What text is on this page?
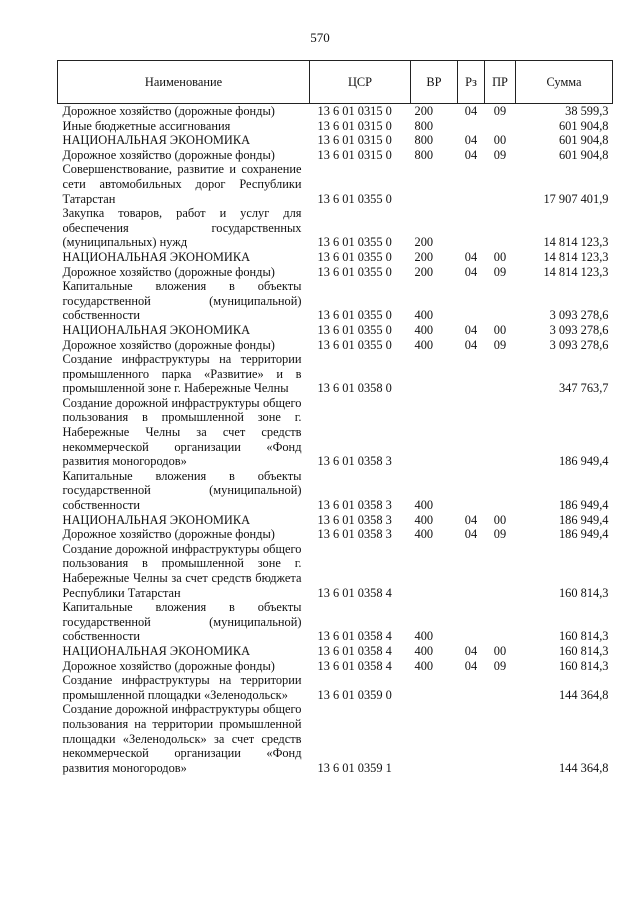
570
Наименование	ЦСР	ВР	Рз	ПР	Сумма
Дорожное хозяйство (дорожные фонды)	13 6 01 0315 0	200	04	09	38 599,3
Иные бюджетные ассигнования	13 6 01 0315 0	800			601 904,8
НАЦИОНАЛЬНАЯ ЭКОНОМИКА	13 6 01 0315 0	800	04	00	601 904,8
Дорожное хозяйство (дорожные фонды)	13 6 01 0315 0	800	04	09	601 904,8
Совершенствование, развитие и сохранение сети автомобильных дорог Республики Татарстан	13 6 01 0355 0				17 907 401,9
Закупка товаров, работ и услуг для обеспечения государственных (муниципальных) нужд	13 6 01 0355 0	200			14 814 123,3
НАЦИОНАЛЬНАЯ ЭКОНОМИКА	13 6 01 0355 0	200	04	00	14 814 123,3
Дорожное хозяйство (дорожные фонды)	13 6 01 0355 0	200	04	09	14 814 123,3
Капитальные вложения в объекты государственной (муниципальной) собственности	13 6 01 0355 0	400			3 093 278,6
НАЦИОНАЛЬНАЯ ЭКОНОМИКА	13 6 01 0355 0	400	04	00	3 093 278,6
Дорожное хозяйство (дорожные фонды)	13 6 01 0355 0	400	04	09	3 093 278,6
Создание инфраструктуры на территории промышленного парка «Развитие» и в промышленной зоне г. Набережные Челны	13 6 01 0358 0				347 763,7
Создание дорожной инфраструктуры общего пользования в промышленной зоне г. Набережные Челны за счет средств некоммерческой организации «Фонд развития моногородов»	13 6 01 0358 3				186 949,4
Капитальные вложения в объекты государственной (муниципальной) собственности	13 6 01 0358 3	400			186 949,4
НАЦИОНАЛЬНАЯ ЭКОНОМИКА	13 6 01 0358 3	400	04	00	186 949,4
Дорожное хозяйство (дорожные фонды)	13 6 01 0358 3	400	04	09	186 949,4
Создание дорожной инфраструктуры общего пользования в промышленной зоне г. Набережные Челны за счет средств бюджета Республики Татарстан	13 6 01 0358 4				160 814,3
Капитальные вложения в объекты государственной (муниципальной) собственности	13 6 01 0358 4	400			160 814,3
НАЦИОНАЛЬНАЯ ЭКОНОМИКА	13 6 01 0358 4	400	04	00	160 814,3
Дорожное хозяйство (дорожные фонды)	13 6 01 0358 4	400	04	09	160 814,3
Создание инфраструктуры на территории промышленной площадки «Зеленодольск»	13 6 01 0359 0				144 364,8
Создание дорожной инфраструктуры общего пользования на территории промышленной площадки «Зеленодольск» за счет средств некоммерческой организации «Фонд развития моногородов»	13 6 01 0359 1				144 364,8
